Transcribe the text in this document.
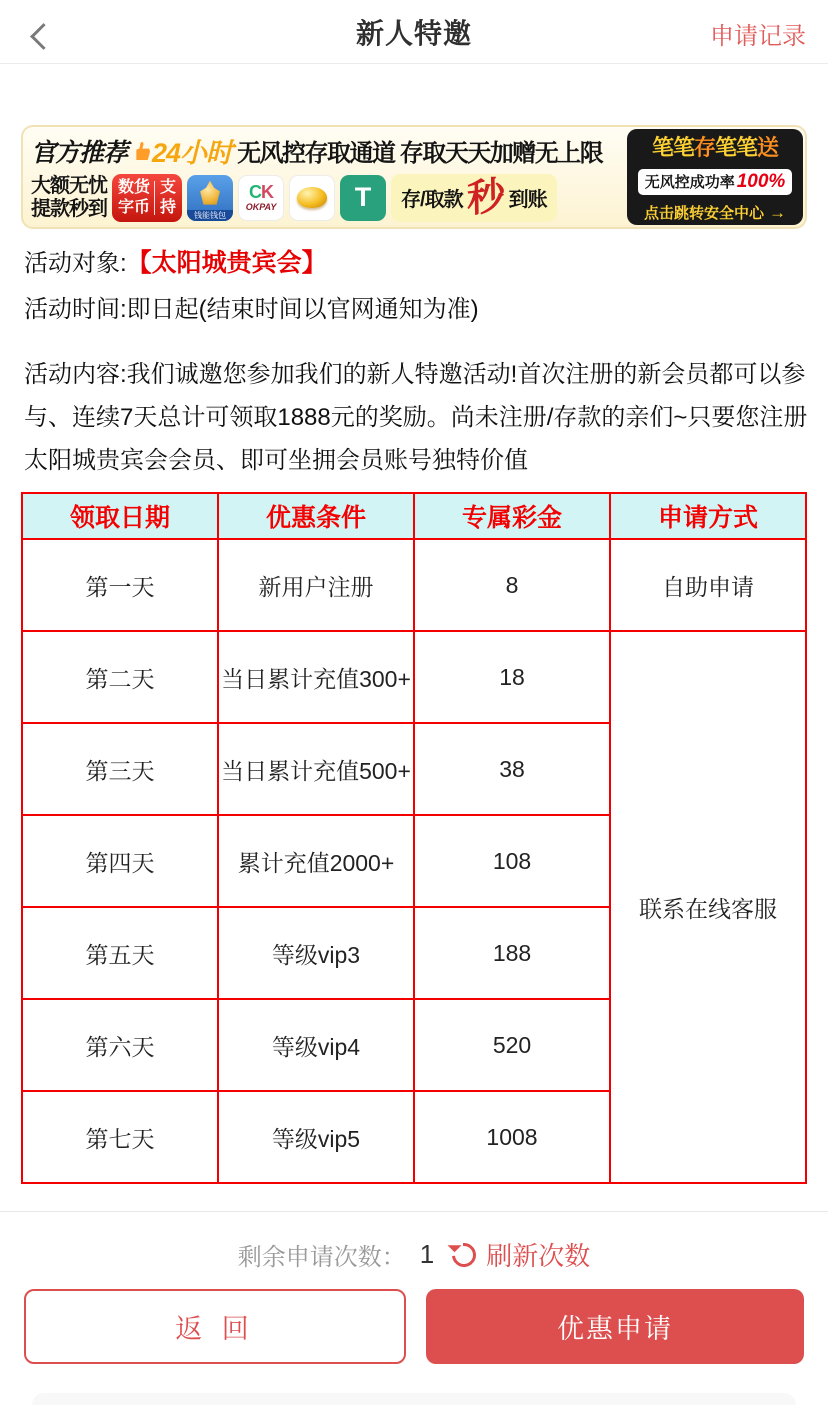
新人特邀	申请记录
官方推荐 24小时 无风控存取通道 存取天天加赠无上限
大额无忧
提款秒到
数
字
货
币
支
持	钱能钱包
CK
OKPAY	T 存/取款 秒 到账
笔笔存笔笔送
无风控成功率 100%
点击跳转安全中心 →
活动对象:【太阳城贵宾会】
活动时间:即日起(结束时间以官网通知为准)
活动内容:我们诚邀您参加我们的新人特邀活动!首次注册的新会员都可以参与、连续7天总计可领取1888元的奖励。尚未注册/存款的亲们~只要您注册太阳城贵宾会会员、即可坐拥会员账号独特价值
领取日期	优惠条件	专属彩金	申请方式
第一天	新用户注册	8	自助申请
第二天	当日累计充值300+	18	联系在线客服
第三天	当日累计充值500+	38	
第四天	累计充值2000+	108	
第五天	等级vip3	188	
第六天	等级vip4	520	
第七天	等级vip5	1008	
剩余申请次数： 1 刷新次数
返 回	优惠申请
